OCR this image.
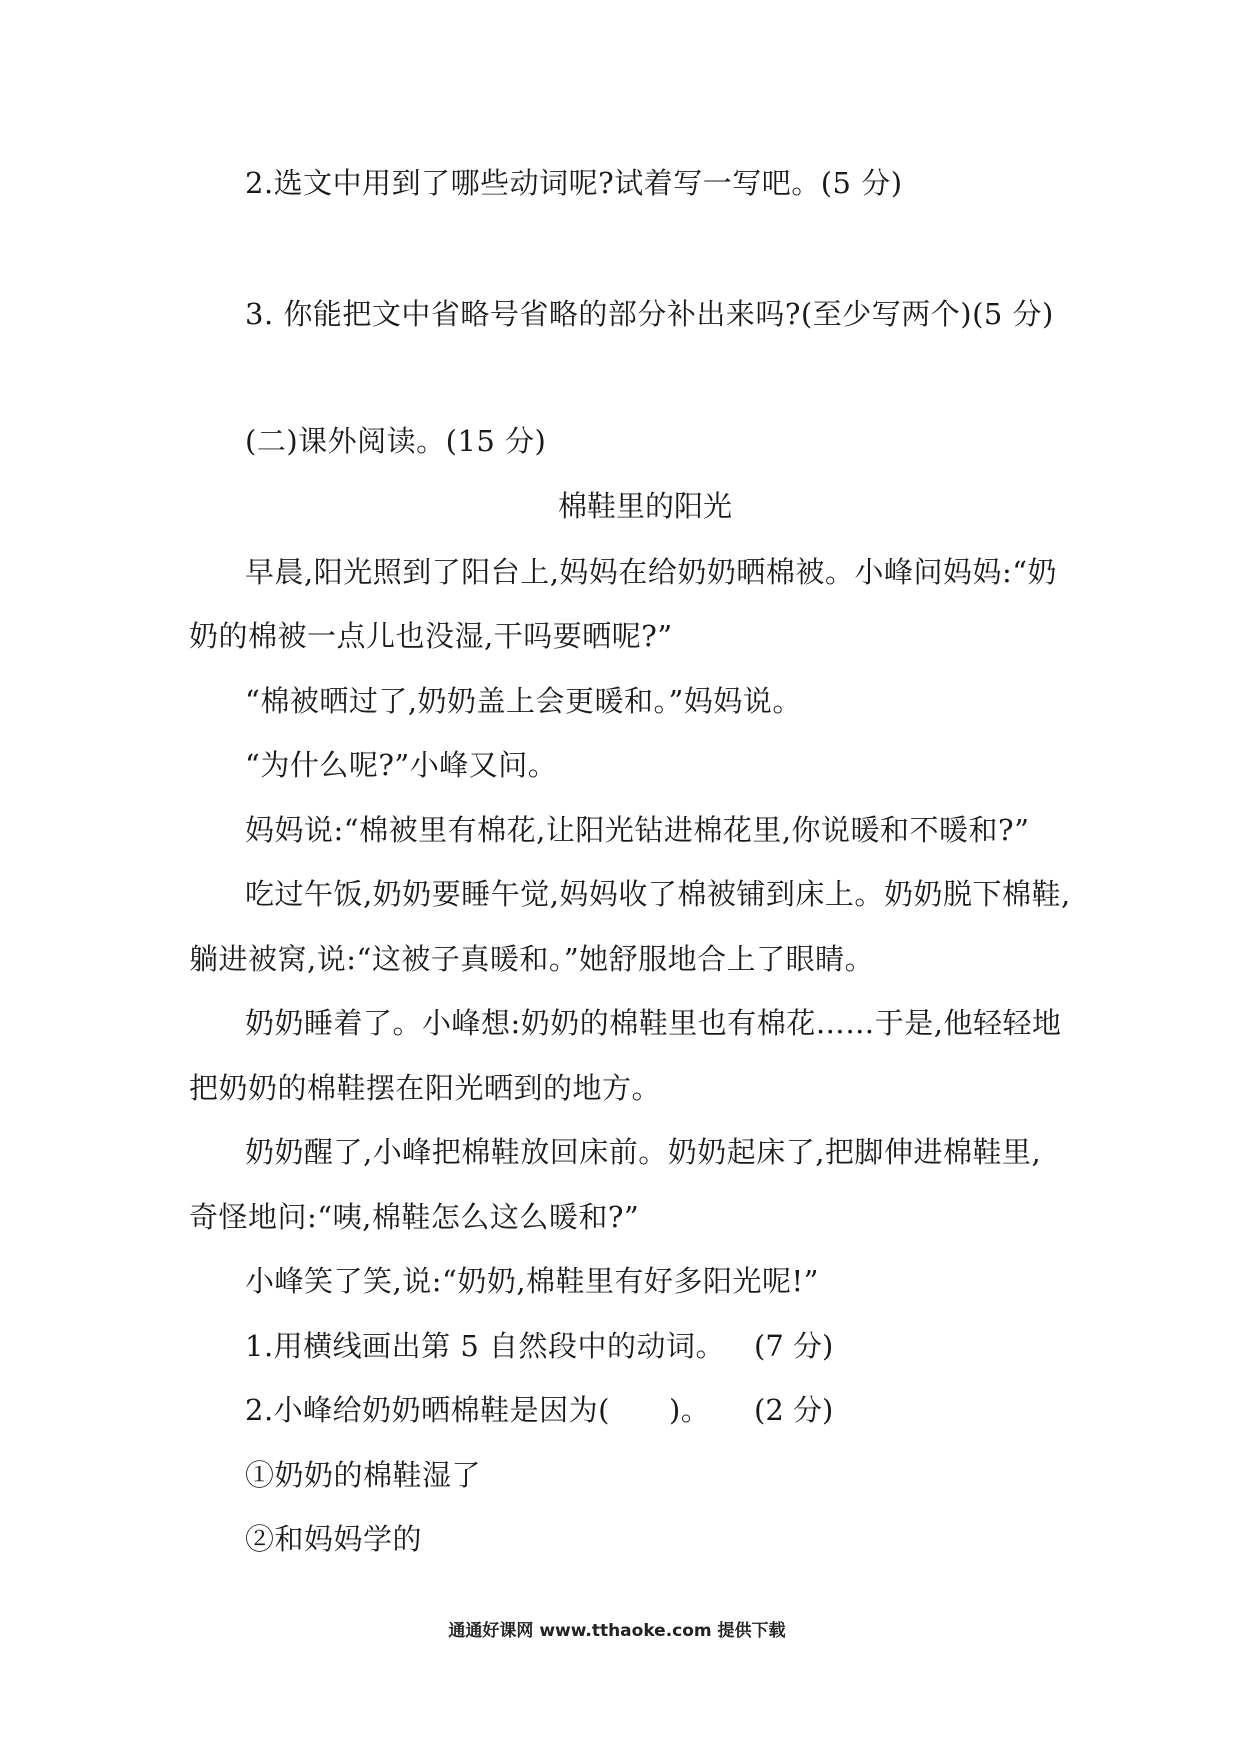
2.选文中用到了哪些动词呢?试着写一写吧。(5 分)
3. 你能把文中省略号省略的部分补出来吗?(至少写两个)(5 分)
(二)课外阅读。(15 分)
棉鞋里的阳光
早晨,阳光照到了阳台上,妈妈在给奶奶晒棉被。小峰问妈妈:“奶
奶的棉被一点儿也没湿,干吗要晒呢?”
“棉被晒过了,奶奶盖上会更暖和。”妈妈说。
“为什么呢?”小峰又问。
妈妈说:“棉被里有棉花,让阳光钻进棉花里,你说暖和不暖和?”
吃过午饭,奶奶要睡午觉,妈妈收了棉被铺到床上。奶奶脱下棉鞋,
躺进被窝,说:“这被子真暖和。”她舒服地合上了眼睛。
奶奶睡着了。小峰想:奶奶的棉鞋里也有棉花……于是,他轻轻地
把奶奶的棉鞋摆在阳光晒到的地方。
奶奶醒了,小峰把棉鞋放回床前。奶奶起床了,把脚伸进棉鞋里,
奇怪地问:“咦,棉鞋怎么这么暖和?”
小峰笑了笑,说:“奶奶,棉鞋里有好多阳光呢!”
1.用横线画出第 5 自然段中的动词。 (7 分)
2.小峰给奶奶晒棉鞋是因为(　　)。 (2 分)
①奶奶的棉鞋湿了
②和妈妈学的
通通好课网 www.tthaoke.com 提供下载
